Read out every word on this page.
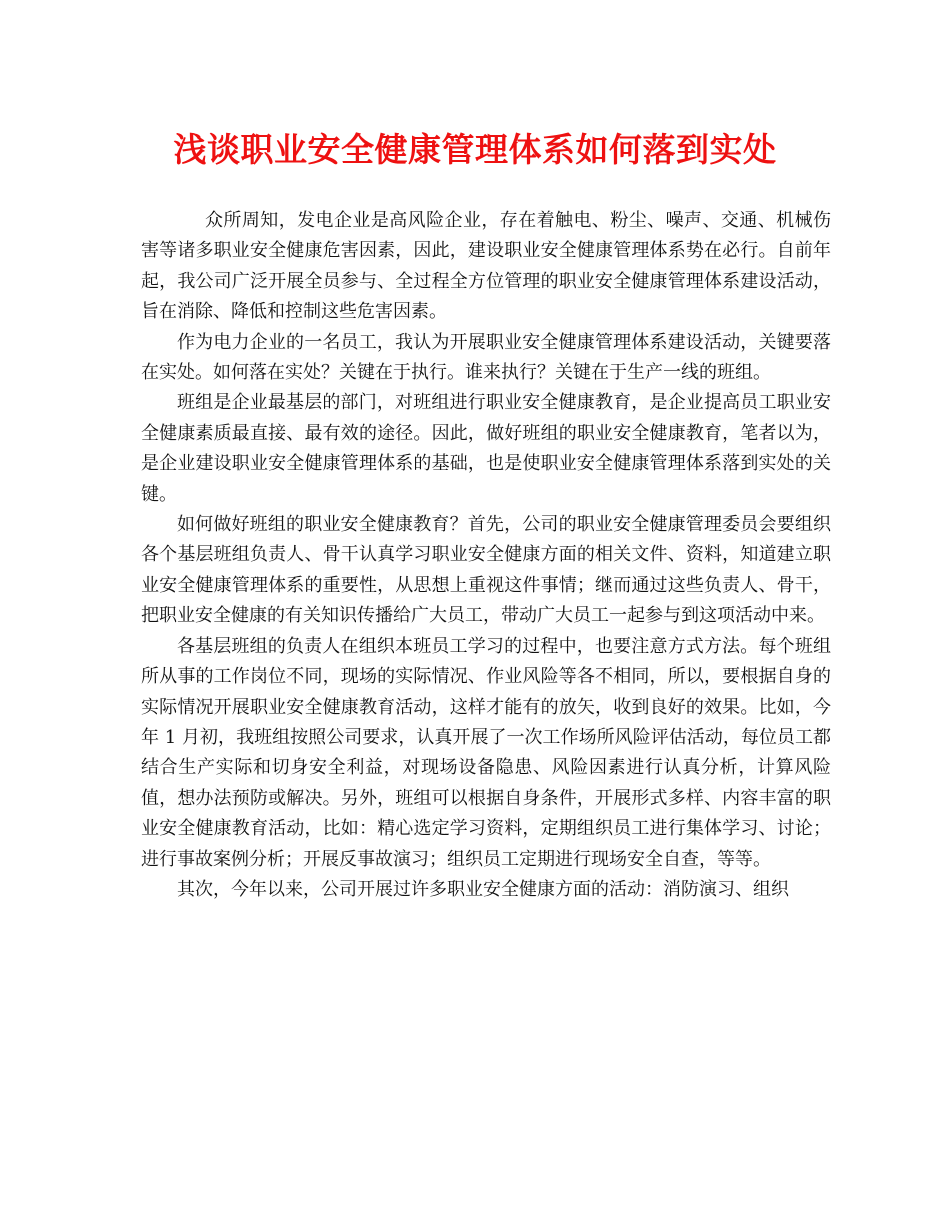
浅谈职业安全健康管理体系如何落到实处

众所周知，发电企业是高风险企业，存在着触电、粉尘、噪声、交通、机械伤害等诸多职业安全健康危害因素，因此，建设职业安全健康管理体系势在必行。自前年起，我公司广泛开展全员参与、全过程全方位管理的职业安全健康管理体系建设活动，旨在消除、降低和控制这些危害因素。

作为电力企业的一名员工，我认为开展职业安全健康管理体系建设活动，关键要落在实处。如何落在实处？关键在于执行。谁来执行？关键在于生产一线的班组。

班组是企业最基层的部门，对班组进行职业安全健康教育，是企业提高员工职业安全健康素质最直接、最有效的途径。因此，做好班组的职业安全健康教育，笔者以为，是企业建设职业安全健康管理体系的基础，也是使职业安全健康管理体系落到实处的关键。

如何做好班组的职业安全健康教育？首先，公司的职业安全健康管理委员会要组织各个基层班组负责人、骨干认真学习职业安全健康方面的相关文件、资料，知道建立职业安全健康管理体系的重要性，从思想上重视这件事情；继而通过这些负责人、骨干，把职业安全健康的有关知识传播给广大员工，带动广大员工一起参与到这项活动中来。

各基层班组的负责人在组织本班员工学习的过程中，也要注意方式方法。每个班组所从事的工作岗位不同，现场的实际情况、作业风险等各不相同，所以，要根据自身的实际情况开展职业安全健康教育活动，这样才能有的放矢，收到良好的效果。比如，今年 1 月初，我班组按照公司要求，认真开展了一次工作场所风险评估活动，每位员工都结合生产实际和切身安全利益，对现场设备隐患、风险因素进行认真分析，计算风险值，想办法预防或解决。另外，班组可以根据自身条件，开展形式多样、内容丰富的职业安全健康教育活动，比如：精心选定学习资料，定期组织员工进行集体学习、讨论；进行事故案例分析；开展反事故演习；组织员工定期进行现场安全自查，等等。

其次，今年以来，公司开展过许多职业安全健康方面的活动：消防演习、组织
